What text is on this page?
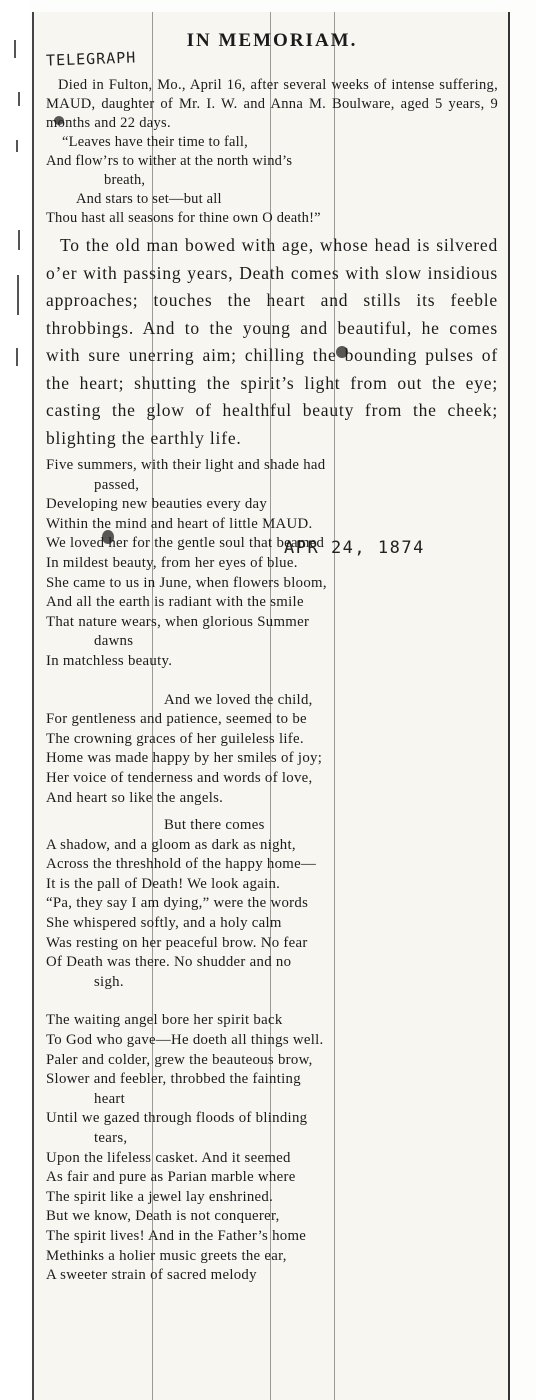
TELEGRAPH
APR 24, 1874
IN MEMORIAM.
Died in Fulton, Mo., April 16, after several weeks of intense suffering, MAUD, daughter of Mr. I. W. and Anna M. Boulware, aged 5 years, 9 months and 22 days.
“Leaves have their time to fall,
And flow’rs to wither at the north wind’s
breath,
And stars to set—but all
Thou hast all seasons for thine own O death!”
To the old man bowed with age, whose head is silvered o’er with passing years, Death comes with slow insidious approaches; touches the heart and stills its feeble throbbings. And to the young and beautiful, he comes with sure unerring aim; chilling the bounding pulses of the heart; shutting the spirit’s light from out the eye; casting the glow of healthful beauty from the cheek; blighting the earthly life.
Five summers, with their light and shade had
passed,
Developing new beauties every day
Within the mind and heart of little MAUD.
We loved her for the gentle soul that beamed
In mildest beauty, from her eyes of blue.
She came to us in June, when flowers bloom,
And all the earth is radiant with the smile
That nature wears, when glorious Summer
dawns
In matchless beauty.
And we loved the child,
For gentleness and patience, seemed to be
The crowning graces of her guileless life.
Home was made happy by her smiles of joy;
Her voice of tenderness and words of love,
And heart so like the angels.
But there comes
A shadow, and a gloom as dark as night,
Across the threshhold of the happy home—
It is the pall of Death! We look again.
“Pa, they say I am dying,” were the words
She whispered softly, and a holy calm
Was resting on her peaceful brow. No fear
Of Death was there. No shudder and no
sigh.
The waiting angel bore her spirit back
To God who gave—He doeth all things well.
Paler and colder, grew the beauteous brow,
Slower and feebler, throbbed the fainting
heart
Until we gazed through floods of blinding
tears,
Upon the lifeless casket. And it seemed
As fair and pure as Parian marble where
The spirit like a jewel lay enshrined.
But we know, Death is not conquerer,
The spirit lives! And in the Father’s home
Methinks a holier music greets the ear,
A sweeter strain of sacred melody
